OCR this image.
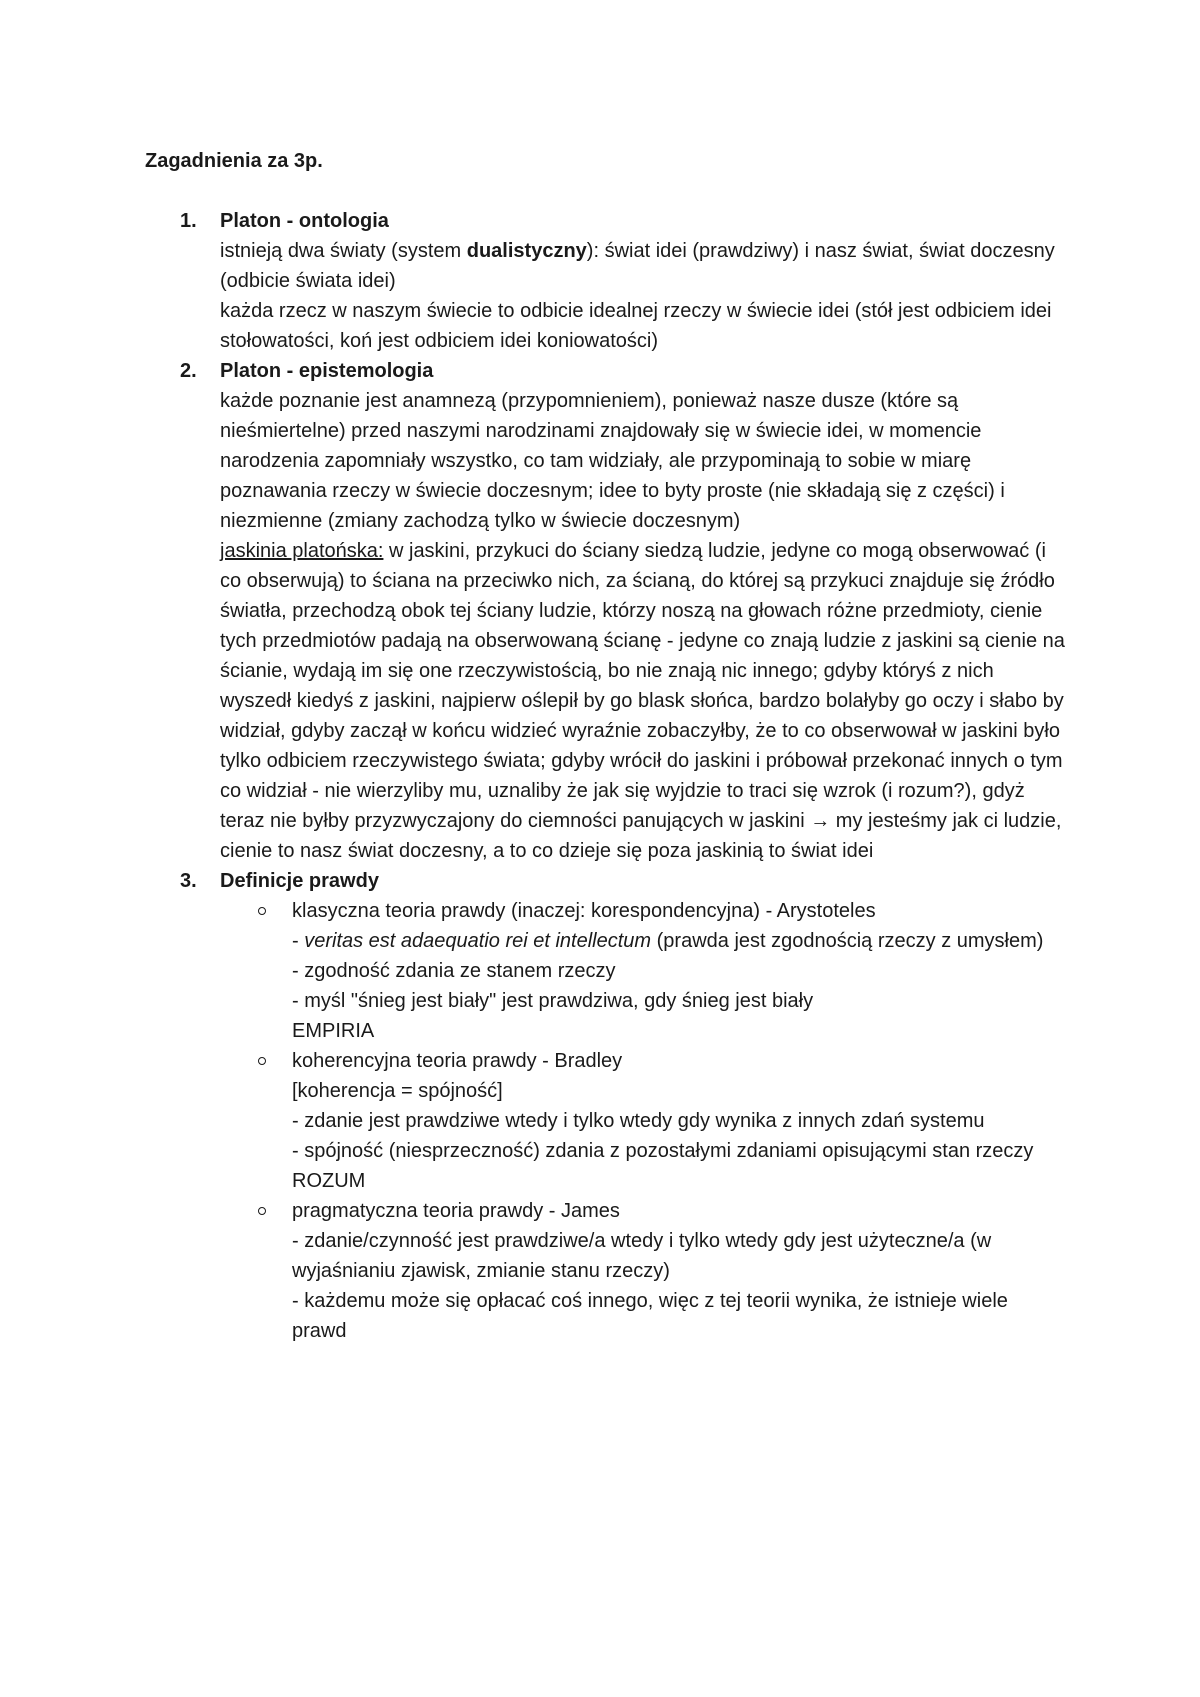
Zagadnienia za 3p.

1.	Platon - ontologia

istnieją dwa światy (system dualistyczny): świat idei (prawdziwy) i nasz świat, świat doczesny (odbicie świata idei)

każda rzecz w naszym świecie to odbicie idealnej rzeczy w świecie idei (stół jest odbiciem idei stołowatości, koń jest odbiciem idei koniowatości)

2.	Platon - epistemologia

każde poznanie jest anamnezą (przypomnieniem), ponieważ nasze dusze (które są nieśmiertelne) przed naszymi narodzinami znajdowały się w świecie idei, w momencie narodzenia zapomniały wszystko, co tam widziały, ale przypominają to sobie w miarę poznawania rzeczy w świecie doczesnym; idee to byty proste (nie składają się z części) i niezmienne (zmiany zachodzą tylko w świecie doczesnym)

jaskinia platońska: w jaskini, przykuci do ściany siedzą ludzie, jedyne co mogą obserwować (i co obserwują) to ściana na przeciwko nich, za ścianą, do której są przykuci znajduje się źródło światła, przechodzą obok tej ściany ludzie, którzy noszą na głowach różne przedmioty, cienie tych przedmiotów padają na obserwowaną ścianę - jedyne co znają ludzie z jaskini są cienie na ścianie, wydają im się one rzeczywistością, bo nie znają nic innego; gdyby któryś z nich wyszedł kiedyś z jaskini, najpierw oślepił by go blask słońca, bardzo bolałyby go oczy i słabo by widział, gdyby zaczął w końcu widzieć wyraźnie zobaczyłby, że to co obserwował w jaskini było tylko odbiciem rzeczywistego świata; gdyby wrócił do jaskini i próbował przekonać innych o tym co widział - nie wierzyliby mu, uznaliby że jak się wyjdzie to traci się wzrok (i rozum?), gdyż teraz nie byłby przyzwyczajony do ciemności panujących w jaskini → my jesteśmy jak ci ludzie, cienie to nasz świat doczesny, a to co dzieje się poza jaskinią to świat idei

3.	Definicje prawdy

klasyczna teoria prawdy (inaczej: korespondencyjna) - Arystoteles

- veritas est adaequatio rei et intellectum (prawda jest zgodnością rzeczy z umysłem)

- zgodność zdania ze stanem rzeczy

- myśl "śnieg jest biały" jest prawdziwa, gdy śnieg jest biały

EMPIRIA

koherencyjna teoria prawdy - Bradley

[koherencja = spójność]

- zdanie jest prawdziwe wtedy i tylko wtedy gdy wynika z innych zdań systemu

- spójność (niesprzeczność) zdania z pozostałymi zdaniami opisującymi stan rzeczy

ROZUM

pragmatyczna teoria prawdy - James

- zdanie/czynność jest prawdziwe/a wtedy i tylko wtedy gdy jest użyteczne/a (w wyjaśnianiu zjawisk, zmianie stanu rzeczy)

- każdemu może się opłacać coś innego, więc z tej teorii wynika, że istnieje wiele prawd
